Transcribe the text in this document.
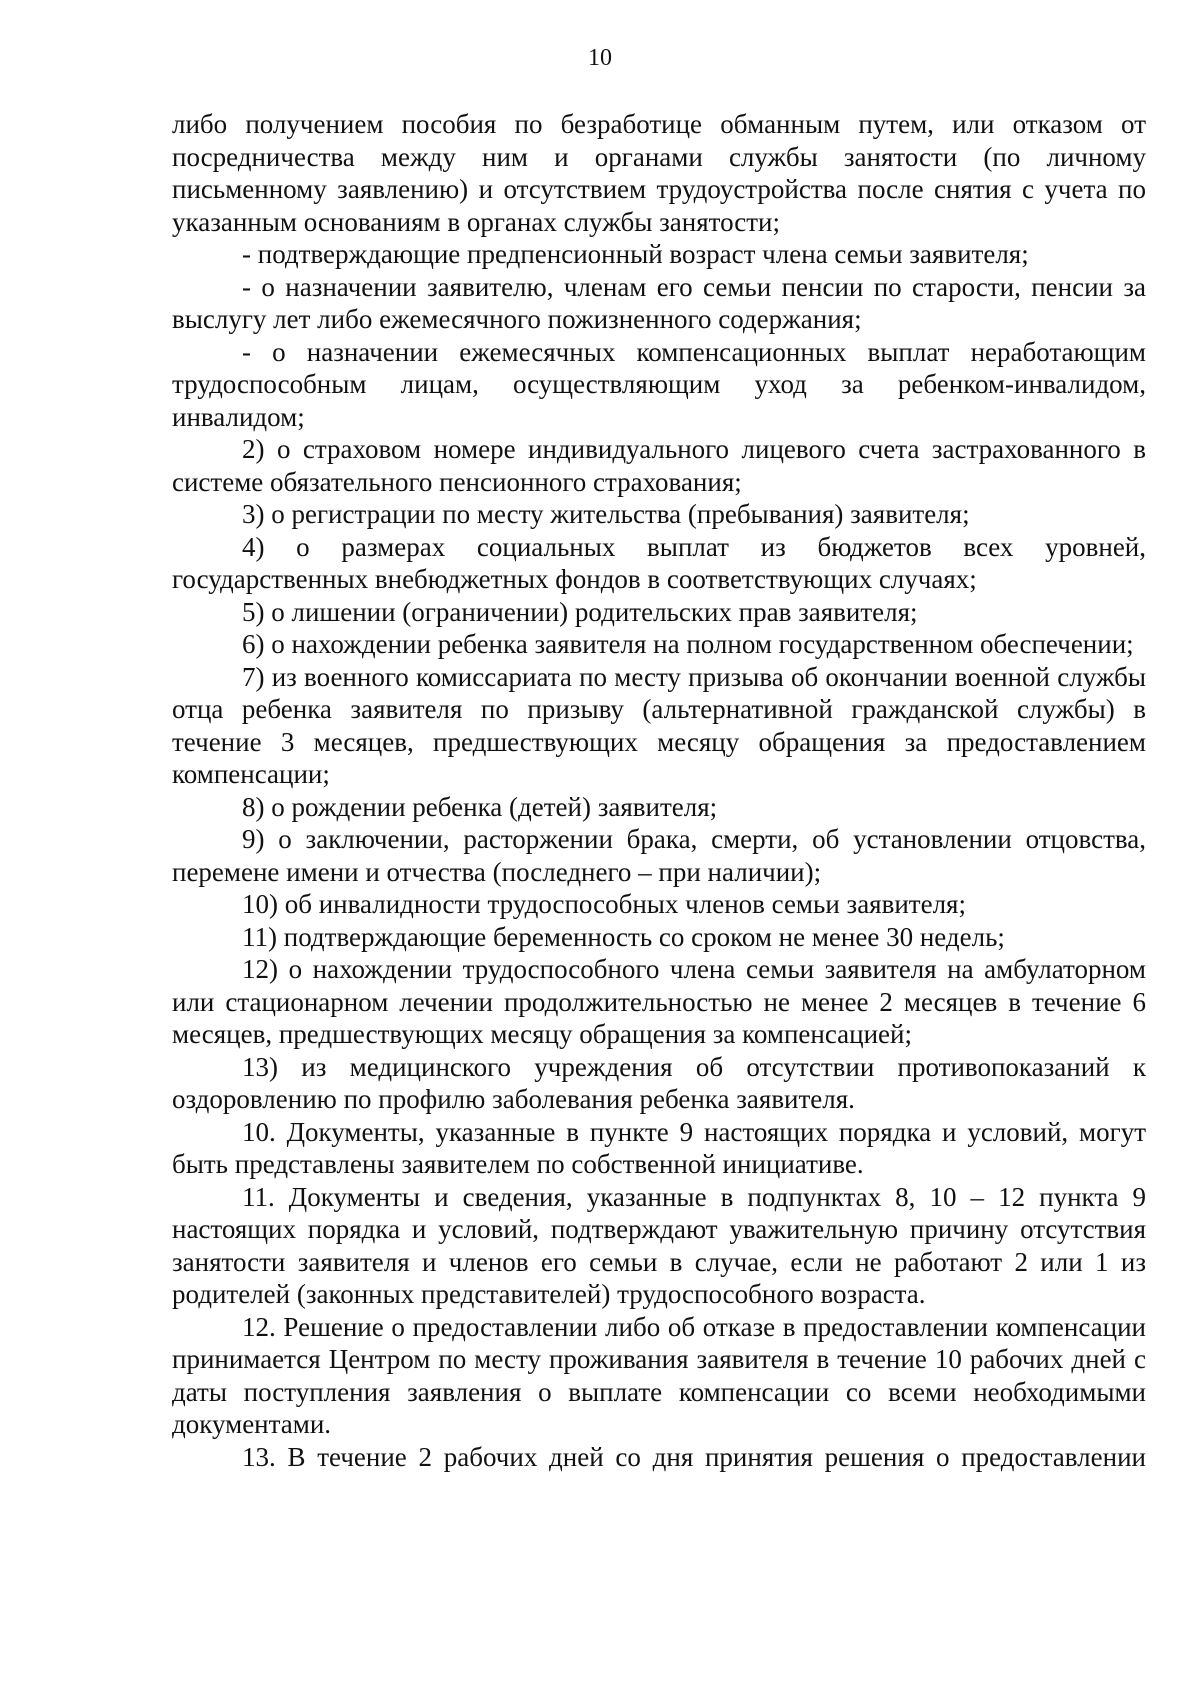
10

либо получением пособия по безработице обманным путем, или отказом от посредничества между ним и органами службы занятости (по личному письменному заявлению) и отсутствием трудоустройства после снятия с учета по указанным основаниям в органах службы занятости;

- подтверждающие предпенсионный возраст члена семьи заявителя;

- о назначении заявителю, членам его семьи пенсии по старости, пенсии за выслугу лет либо ежемесячного пожизненного содержания;

- о назначении ежемесячных компенсационных выплат неработающим трудоспособным лицам, осуществляющим уход за ребенком-инвалидом, инвалидом;

2) о страховом номере индивидуального лицевого счета застрахованного в системе обязательного пенсионного страхования;

3) о регистрации по месту жительства (пребывания) заявителя;

4) о размерах социальных выплат из бюджетов всех уровней, государственных внебюджетных фондов в соответствующих случаях;

5) о лишении (ограничении) родительских прав заявителя;

6) о нахождении ребенка заявителя на полном государственном обеспечении;

7) из военного комиссариата по месту призыва об окончании военной службы отца ребенка заявителя по призыву (альтернативной гражданской службы) в течение 3 месяцев, предшествующих месяцу обращения за предоставлением компенсации;

8) о рождении ребенка (детей) заявителя;

9) о заключении, расторжении брака, смерти, об установлении отцовства, перемене имени и отчества (последнего – при наличии);

10) об инвалидности трудоспособных членов семьи заявителя;

11) подтверждающие беременность со сроком не менее 30 недель;

12) о нахождении трудоспособного члена семьи заявителя на амбулаторном или стационарном лечении продолжительностью не менее 2 месяцев в течение 6 месяцев, предшествующих месяцу обращения за компенсацией;

13) из медицинского учреждения об отсутствии противопоказаний к оздоровлению по профилю заболевания ребенка заявителя.

10. Документы, указанные в пункте 9 настоящих порядка и условий, могут быть представлены заявителем по собственной инициативе.

11. Документы и сведения, указанные в подпунктах 8, 10 – 12 пункта 9 настоящих порядка и условий, подтверждают уважительную причину отсутствия занятости заявителя и членов его семьи в случае, если не работают 2 или 1 из родителей (законных представителей) трудоспособного возраста.

12. Решение о предоставлении либо об отказе в предоставлении компенсации принимается Центром по месту проживания заявителя в течение 10 рабочих дней с даты поступления заявления о выплате компенсации со всеми необходимыми документами.

13. В течение 2 рабочих дней со дня принятия решения о предоставлении
